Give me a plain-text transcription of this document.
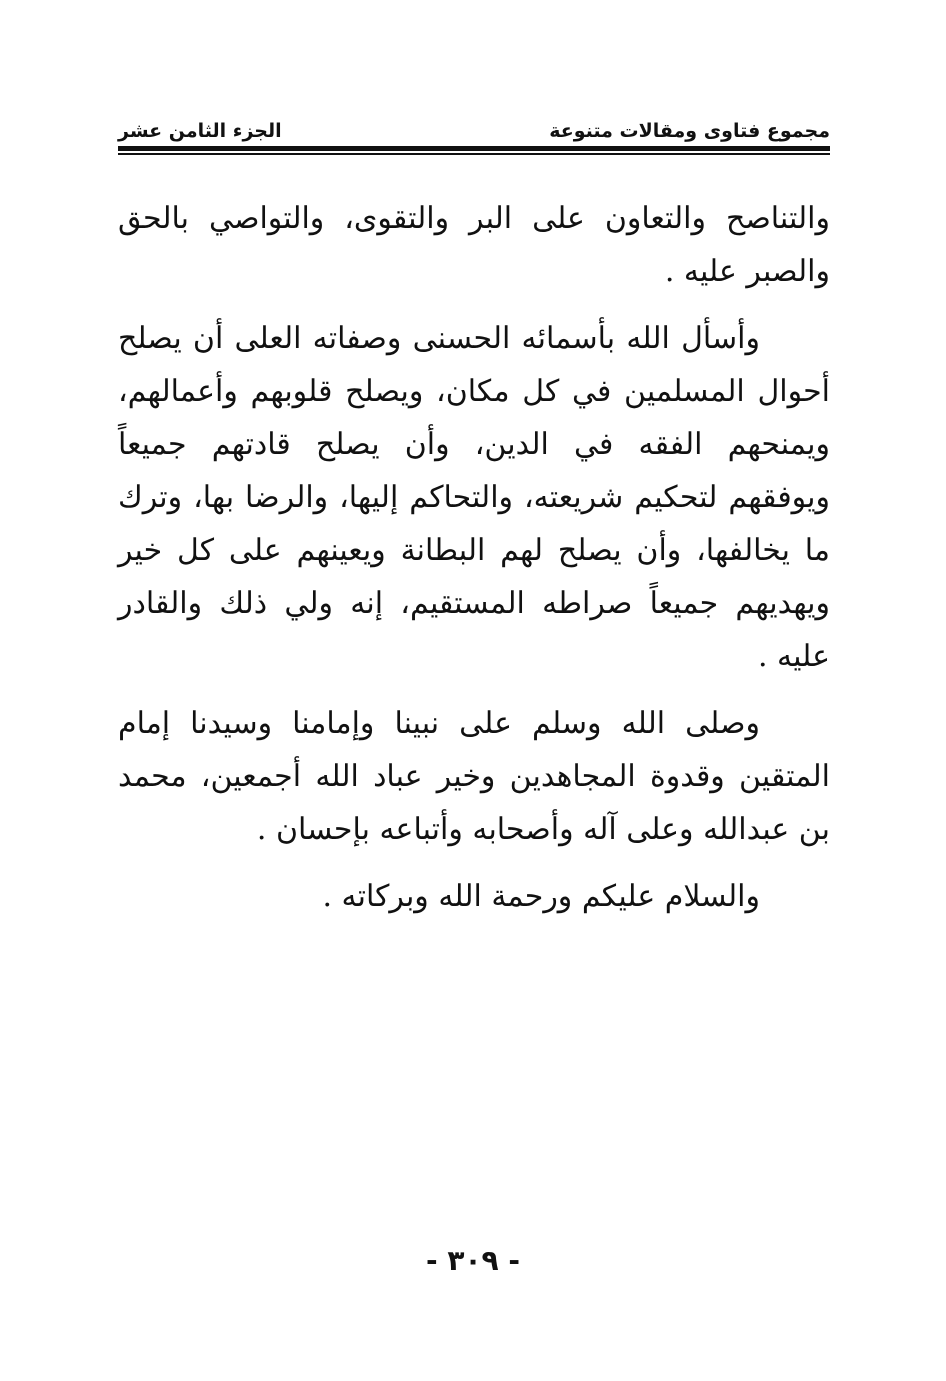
مجموع فتاوى ومقالات متنوعة
الجزء الثامن عشر

والتناصح والتعاون على البر والتقوى، والتواصي بالحق والصبر عليه .

وأسأل الله بأسمائه الحسنى وصفاته العلى أن يصلح أحوال المسلمين في كل مكان، ويصلح قلوبهم وأعمالهم، ويمنحهم الفقه في الدين، وأن يصلح قادتهم جميعاً ويوفقهم لتحكيم شريعته، والتحاكم إليها، والرضا بها، وترك ما يخالفها، وأن يصلح لهم البطانة ويعينهم على كل خير ويهديهم جميعاً صراطه المستقيم، إنه ولي ذلك والقادر عليه .

وصلى الله وسلم على نبينا وإمامنا وسيدنا إمام المتقين وقدوة المجاهدين وخير عباد الله أجمعين، محمد بن عبدالله وعلى آله وأصحابه وأتباعه بإحسان .

والسلام عليكم ورحمة الله وبركاته .

- ٣٠٩ -
